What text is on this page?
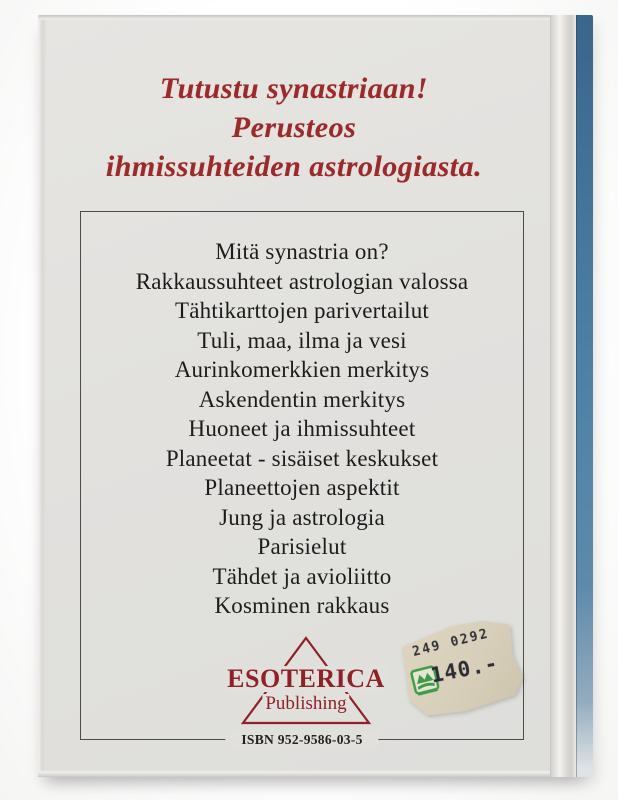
Tutustu synastriaan!
Perusteos
ihmissuhteiden astrologiasta.
Mitä synastria on?
Rakkaussuhteet astrologian valossa
Tähtikarttojen parivertailut
Tuli, maa, ilma ja vesi
Aurinkomerkkien merkitys
Askendentin merkitys
Huoneet ja ihmissuhteet
Planeetat - sisäiset keskukset
Planeettojen aspektit
Jung ja astrologia
Parisielut
Tähdet ja avioliitto
Kosminen rakkaus
ISBN 952-9586-03-5
ESOTERICA
Publishing
249 0292
140.-
